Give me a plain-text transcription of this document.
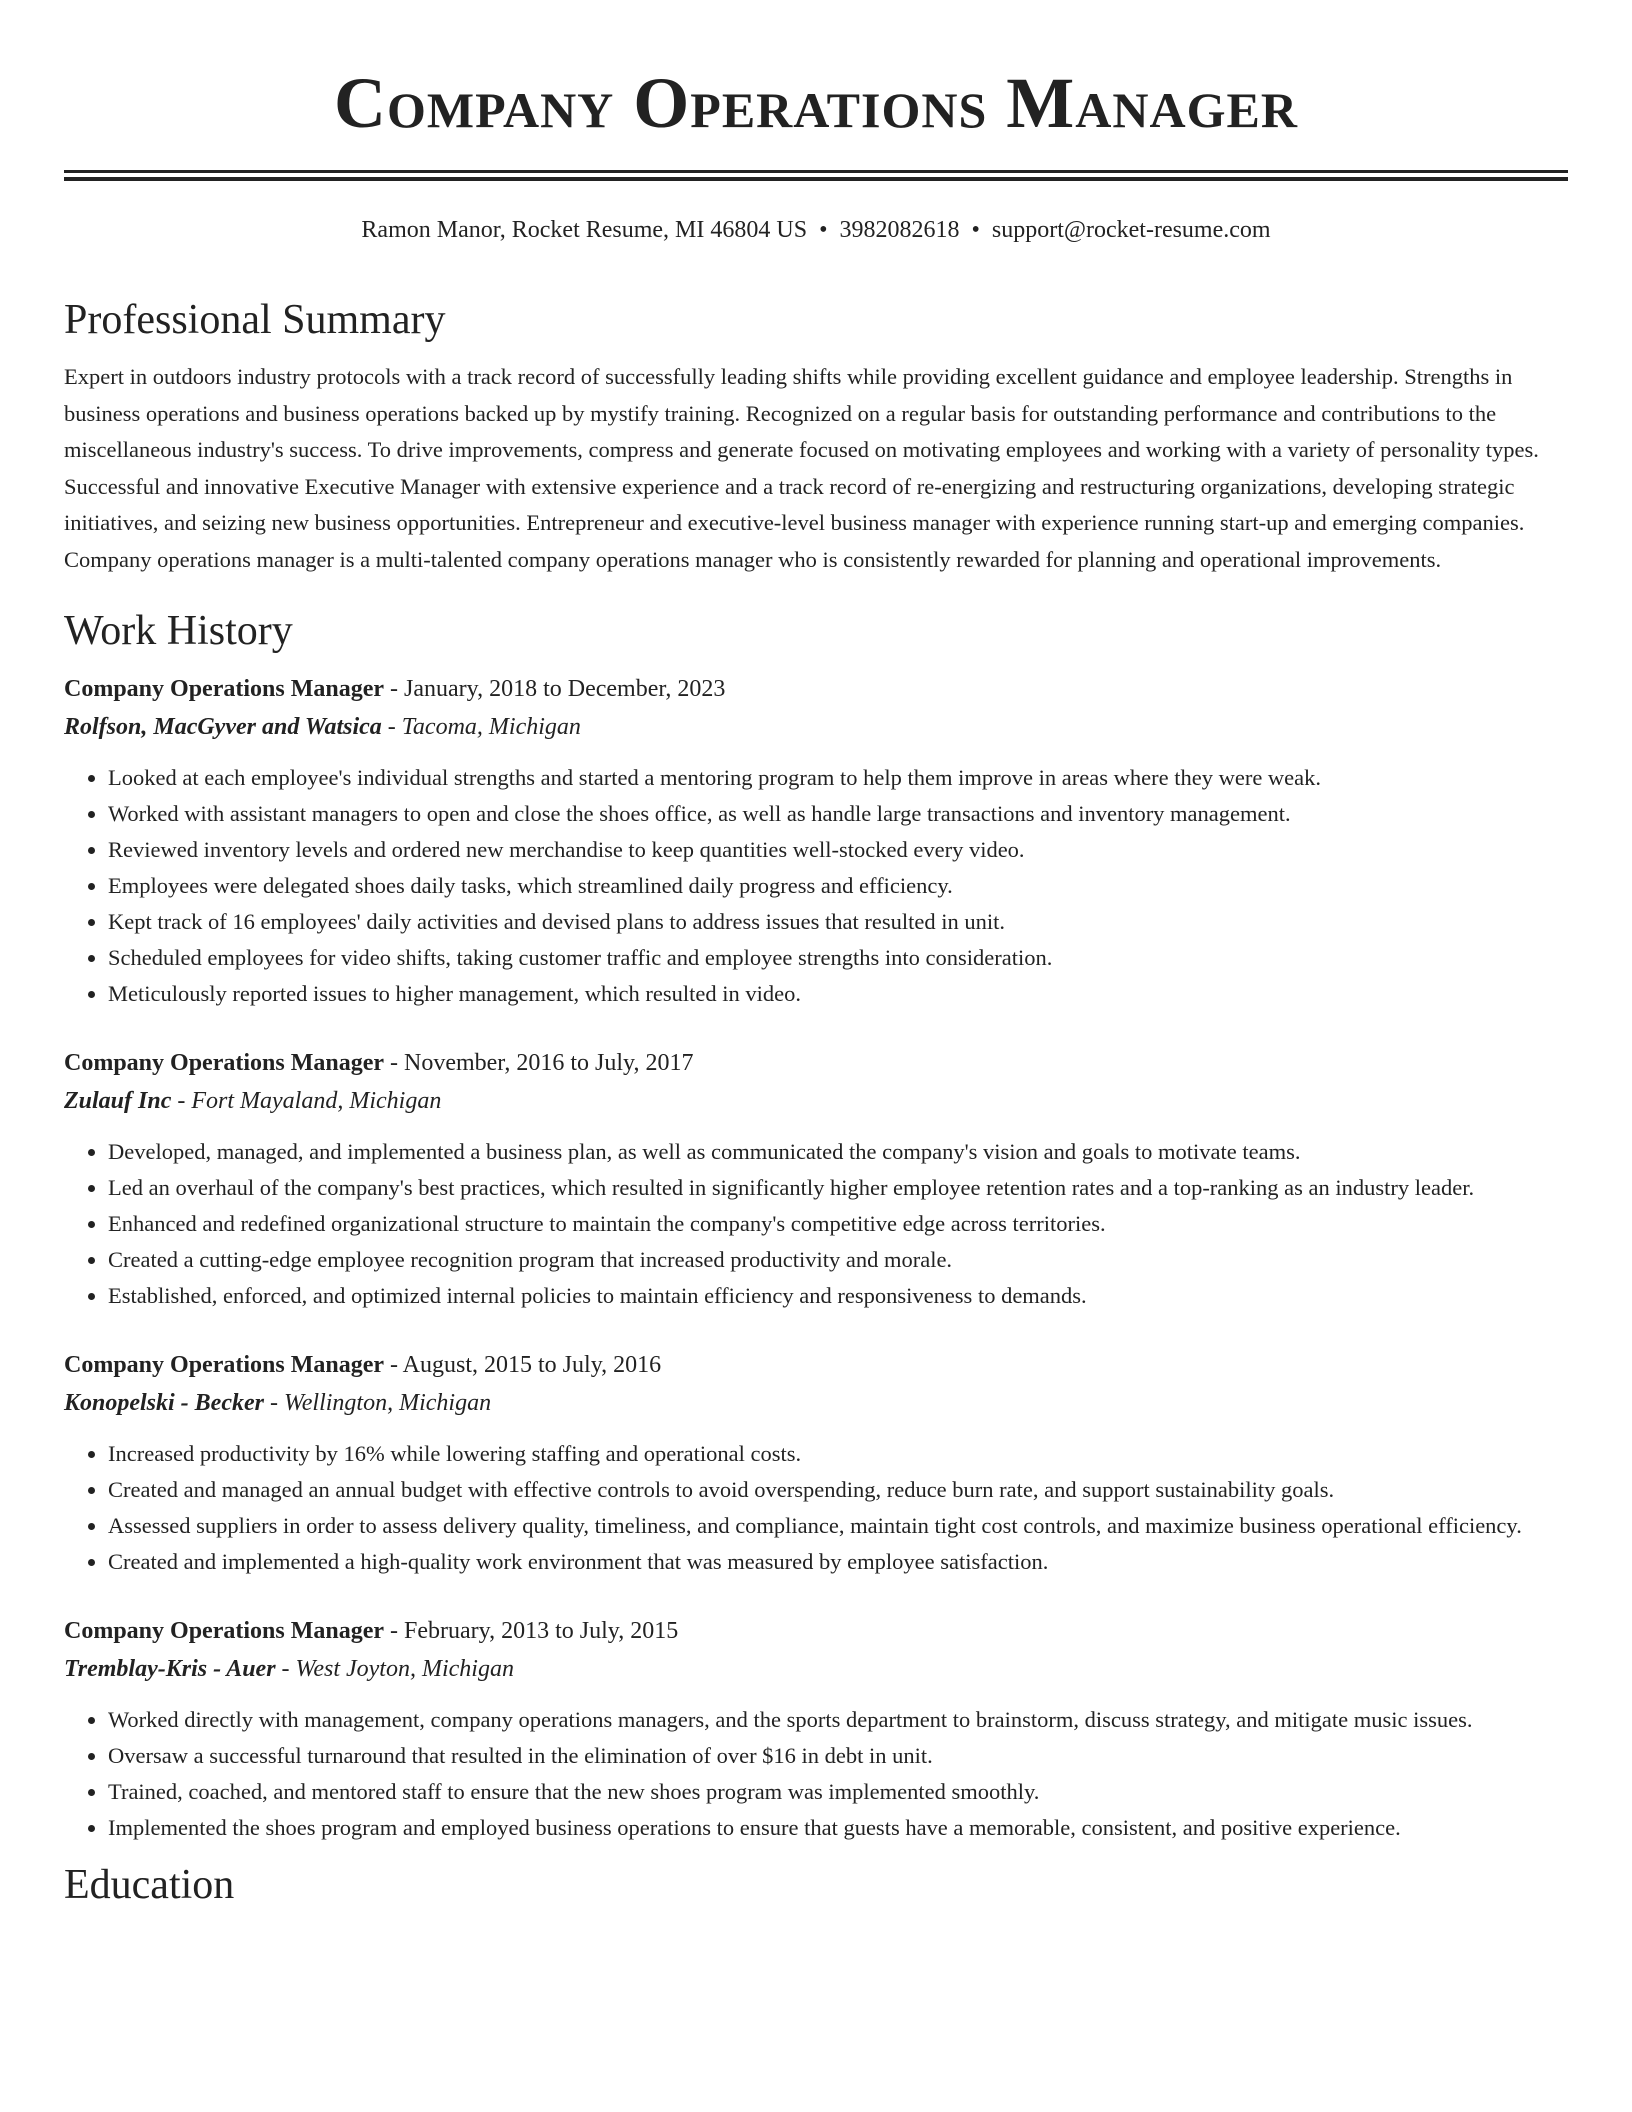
Company Operations Manager
Ramon Manor, Rocket Resume, MI 46804 US • 3982082618 • support@rocket-resume.com
Professional Summary

Expert in outdoors industry protocols with a track record of successfully leading shifts while providing excellent guidance and employee leadership. Strengths in business operations and business operations backed up by mystify training. Recognized on a regular basis for outstanding performance and contributions to the miscellaneous industry's success. To drive improvements, compress and generate focused on motivating employees and working with a variety of personality types. Successful and innovative Executive Manager with extensive experience and a track record of re-energizing and restructuring organizations, developing strategic initiatives, and seizing new business opportunities. Entrepreneur and executive-level business manager with experience running start-up and emerging companies. Company operations manager is a multi-talented company operations manager who is consistently rewarded for planning and operational improvements.

Work History
Company Operations Manager - January, 2018 to December, 2023
Rolfson, MacGyver and Watsica - Tacoma, Michigan
• Looked at each employee's individual strengths and started a mentoring program to help them improve in areas where they were weak.
• Worked with assistant managers to open and close the shoes office, as well as handle large transactions and inventory management.
• Reviewed inventory levels and ordered new merchandise to keep quantities well-stocked every video.
• Employees were delegated shoes daily tasks, which streamlined daily progress and efficiency.
• Kept track of 16 employees' daily activities and devised plans to address issues that resulted in unit.
• Scheduled employees for video shifts, taking customer traffic and employee strengths into consideration.
• Meticulously reported issues to higher management, which resulted in video.
Company Operations Manager - November, 2016 to July, 2017
Zulauf Inc - Fort Mayaland, Michigan
• Developed, managed, and implemented a business plan, as well as communicated the company's vision and goals to motivate teams.
• Led an overhaul of the company's best practices, which resulted in significantly higher employee retention rates and a top-ranking as an industry leader.
• Enhanced and redefined organizational structure to maintain the company's competitive edge across territories.
• Created a cutting-edge employee recognition program that increased productivity and morale.
• Established, enforced, and optimized internal policies to maintain efficiency and responsiveness to demands.
Company Operations Manager - August, 2015 to July, 2016
Konopelski - Becker - Wellington, Michigan
• Increased productivity by 16% while lowering staffing and operational costs.
• Created and managed an annual budget with effective controls to avoid overspending, reduce burn rate, and support sustainability goals.
• Assessed suppliers in order to assess delivery quality, timeliness, and compliance, maintain tight cost controls, and maximize business operational efficiency.
• Created and implemented a high-quality work environment that was measured by employee satisfaction.
Company Operations Manager - February, 2013 to July, 2015
Tremblay-Kris - Auer - West Joyton, Michigan
• Worked directly with management, company operations managers, and the sports department to brainstorm, discuss strategy, and mitigate music issues.
• Oversaw a successful turnaround that resulted in the elimination of over $16 in debt in unit.
• Trained, coached, and mentored staff to ensure that the new shoes program was implemented smoothly.
• Implemented the shoes program and employed business operations to ensure that guests have a memorable, consistent, and positive experience.
Education
